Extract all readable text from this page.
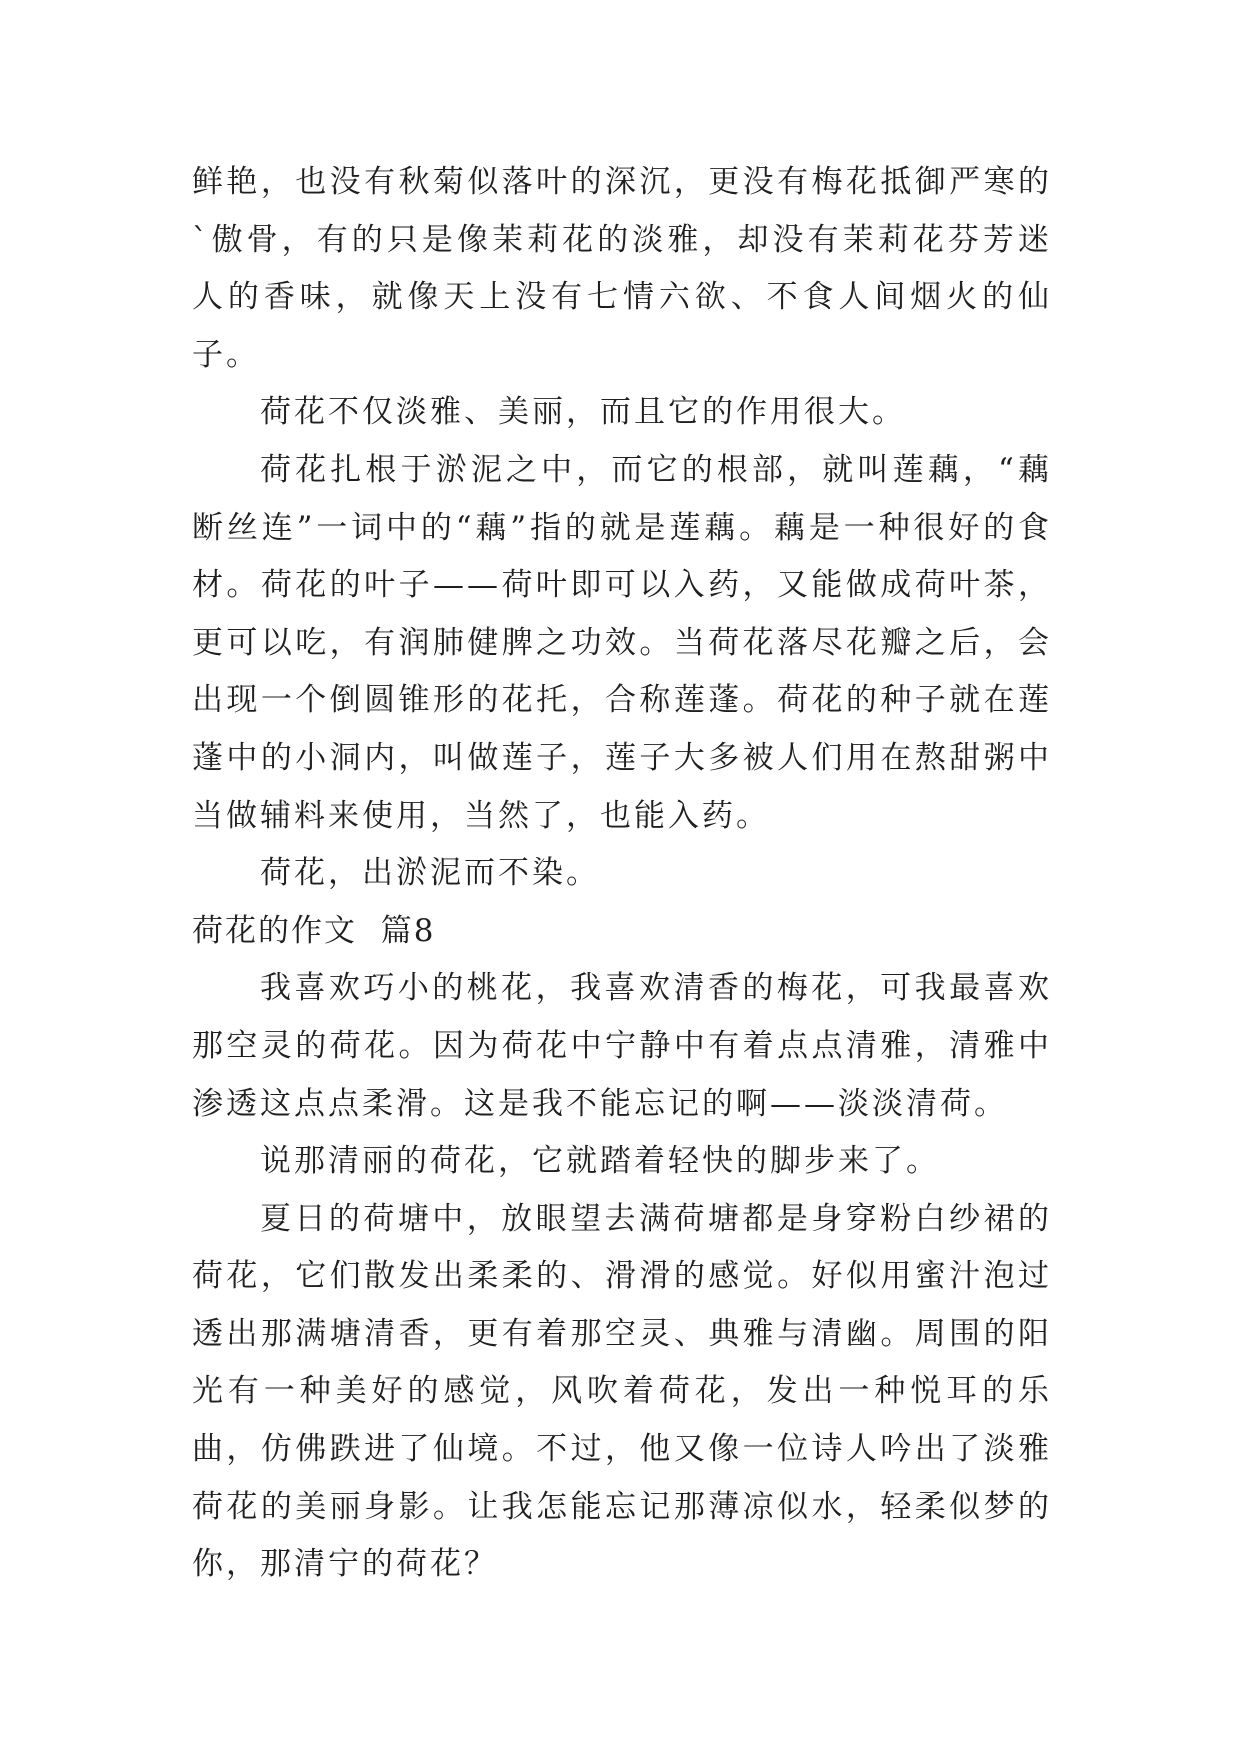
鲜艳，也没有秋菊似落叶的深沉，更没有梅花抵御严寒的`傲骨，有的只是像茉莉花的淡雅，却没有茉莉花芬芳迷人的香味，就像天上没有七情六欲、不食人间烟火的仙子。

荷花不仅淡雅、美丽，而且它的作用很大。

荷花扎根于淤泥之中，而它的根部，就叫莲藕，“藕断丝连”一词中的“藕”指的就是莲藕。藕是一种很好的食材。荷花的叶子——荷叶即可以入药，又能做成荷叶茶，更可以吃，有润肺健脾之功效。当荷花落尽花瓣之后，会出现一个倒圆锥形的花托，合称莲蓬。荷花的种子就在莲蓬中的小洞内，叫做莲子，莲子大多被人们用在熬甜粥中当做辅料来使用，当然了，也能入药。

荷花，出淤泥而不染。

荷花的作文  篇8

我喜欢巧小的桃花，我喜欢清香的梅花，可我最喜欢那空灵的荷花。因为荷花中宁静中有着点点清雅，清雅中渗透这点点柔滑。这是我不能忘记的啊——淡淡清荷。

说那清丽的荷花，它就踏着轻快的脚步来了。

夏日的荷塘中，放眼望去满荷塘都是身穿粉白纱裙的荷花，它们散发出柔柔的、滑滑的感觉。好似用蜜汁泡过透出那满塘清香，更有着那空灵、典雅与清幽。周围的阳光有一种美好的感觉，风吹着荷花，发出一种悦耳的乐曲，仿佛跌进了仙境。不过，他又像一位诗人吟出了淡雅荷花的美丽身影。让我怎能忘记那薄凉似水，轻柔似梦的你，那清宁的荷花？
